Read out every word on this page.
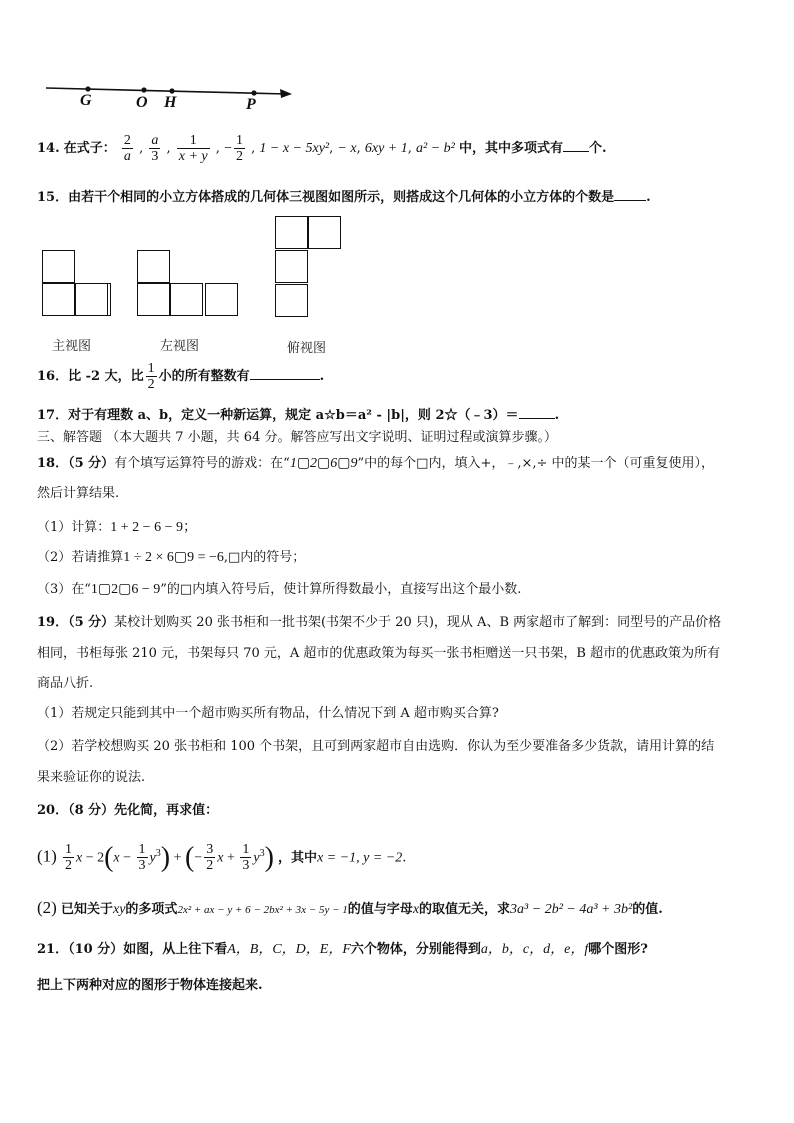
G	O H	P
14. 在式子： $\frac{2}{a}$ , $\frac{a}{3}$ , $\frac{1}{x + y}$ , − $\frac{1}{2}$ , 1 − x − 5xy², − x, 6xy + 1, a² − b² 中，其中多项式有 个.
15．由若干个相同的小立方体搭成的几何体三视图如图所示，则搭成这个几何体的小立方体的个数是 .
主视图	左视图	俯视图
16．比 -2 大，比 $\frac{1}{2}$ 小的所有整数有	.
17．对于有理数 a、b，定义一种新运算，规定 a☆b＝a² - |b|，则 2☆（﹣3）＝	.
三、解答题 （本大题共 7 小题，共 64 分。解答应写出文字说明、证明过程或演算步骤。）
18．（5 分）有个填写运算符号的游戏：在“1▢2▢6▢9”中的每个□内，填入+，﹣,×,÷ 中的某一个（可重复使用），
然后计算结果.
（1）计算：1 + 2 − 6 − 9；
（2）若请推算1 ÷ 2 × 6▢9 = −6,□内的符号；
（3）在“1▢2▢6 − 9”的□内填入符号后，使计算所得数最小，直接写出这个最小数.
19．（5 分）某校计划购买 20 张书柜和一批书架(书架不少于 20 只)，现从 A、B 两家超市了解到：同型号的产品价格
相同，书柜每张 210 元，书架每只 70 元，A 超市的优惠政策为每买一张书柜赠送一只书架，B 超市的优惠政策为所有
商品八折.
（1）若规定只能到其中一个超市购买所有物品，什么情况下到 A 超市购买合算?
（2）若学校想购买 20 张书柜和 100 个书架，且可到两家超市自由选购．你认为至少要准备多少货款，请用计算的结
果来验证你的说法.
20．（8 分）先化简，再求值：
$(1) \frac{1}{2}$ $x - 2(x - \frac{1}{3} y^3)$ + (− $\frac{3}{2}$ $x + \frac{1}{3} y^3$) ，其中x = −1, y = −2.
(2) 已知关于xy的多项式2x² + ax − y + 6 − 2bx² + 3x − 5y − 1的值与字母x的取值无关，求3a³ − 2b² − 4a³ + 3b²的值.
21．（10 分）如图，从上往下看A，B，C，D，E，F六个物体，分别能得到a，b，c，d，e，f哪个图形?
把上下两种对应的图形于物体连接起来.
